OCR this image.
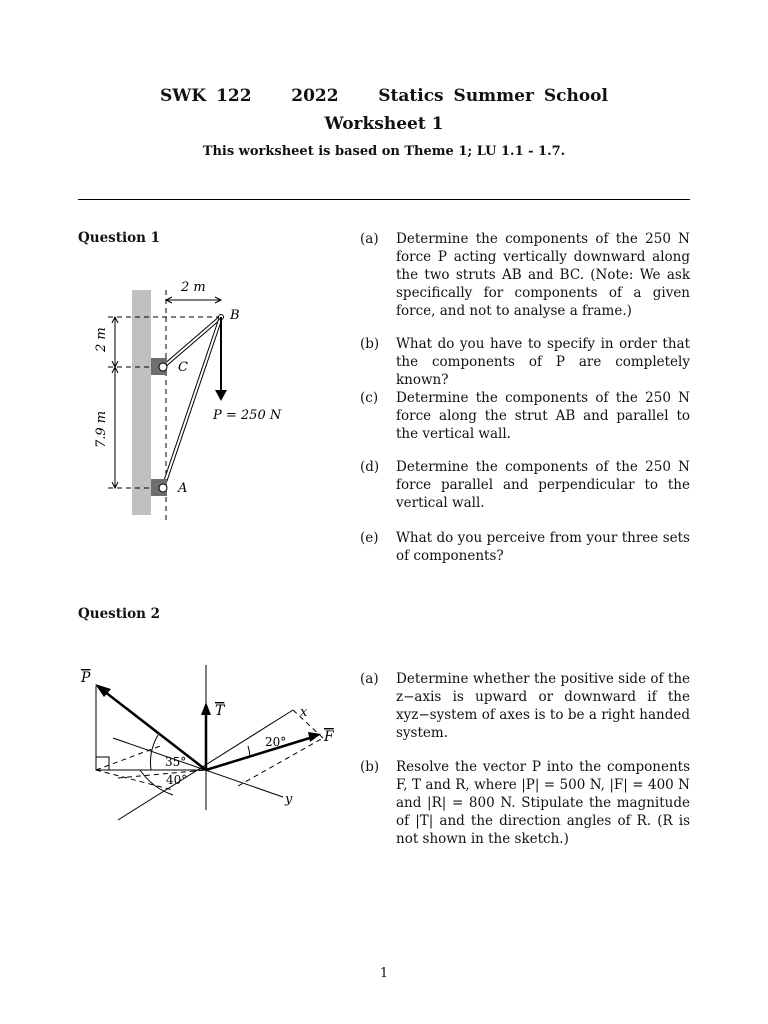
SWK 122    2022    Statics Summer School
Worksheet 1
This worksheet is based on Theme 1; LU 1.1 - 1.7.
Question 1
2 m
2 m
7.9 m
B
C
A
P = 250 N
(a)	Determine the components of the 250 N force P acting vertically downward along the two struts AB and BC. (Note: We ask specifically for components of a given force, and not to analyse a frame.)
(b)	What do you have to specify in order that the components of P are completely known?
(c)	Determine the components of the 250 N force along the strut AB and parallel to the vertical wall.
(d)	Determine the components of the 250 N force parallel and perpendicular to the vertical wall.
(e)	What do you perceive from your three sets of components?
Question 2
P
T
F
x
y
35°
40°
20°
(a)	Determine whether the positive side of the z−axis is upward or downward if the xyz−system of axes is to be a right handed system.
(b)	Resolve the vector P into the components F, T and R, where |P| = 500 N, |F| = 400 N and |R| = 800 N. Stipulate the magnitude of |T| and the direction angles of R. (R is not shown in the sketch.)
1
